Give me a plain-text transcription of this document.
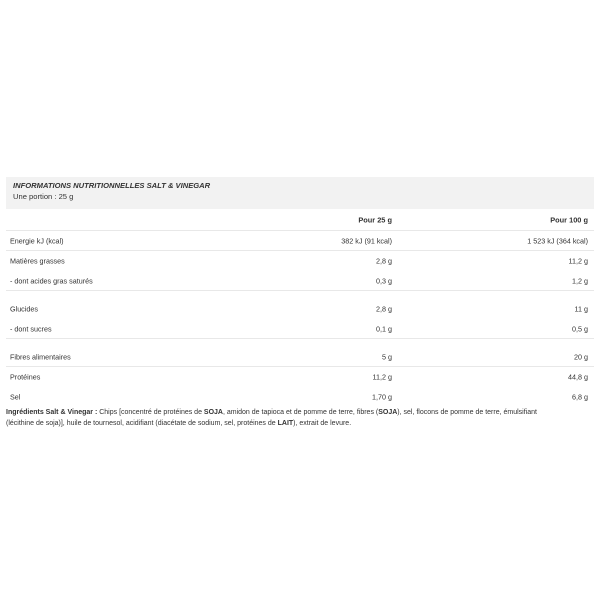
INFORMATIONS NUTRITIONNELLES SALT & VINEGAR
Une portion : 25 g
Pour 25 g	Pour 100 g
Energie kJ (kcal)	382 kJ (91 kcal)	1 523 kJ (364 kcal)
Matières grasses	2,8 g	11,2 g
- dont acides gras saturés	0,3 g	1,2 g
Glucides	2,8 g	11 g
- dont sucres	0,1 g	0,5 g
Fibres alimentaires	5 g	20 g
Protéines	11,2 g	44,8 g
Sel	1,70 g	6,8 g
Ingrédients Salt & Vinegar : Chips [concentré de protéines de SOJA, amidon de tapioca et de pomme de terre, fibres (SOJA), sel, flocons de pomme de terre, émulsifiant (lécithine de soja)], huile de tournesol, acidifiant (diacétate de sodium, sel, protéines de LAIT), extrait de levure.
